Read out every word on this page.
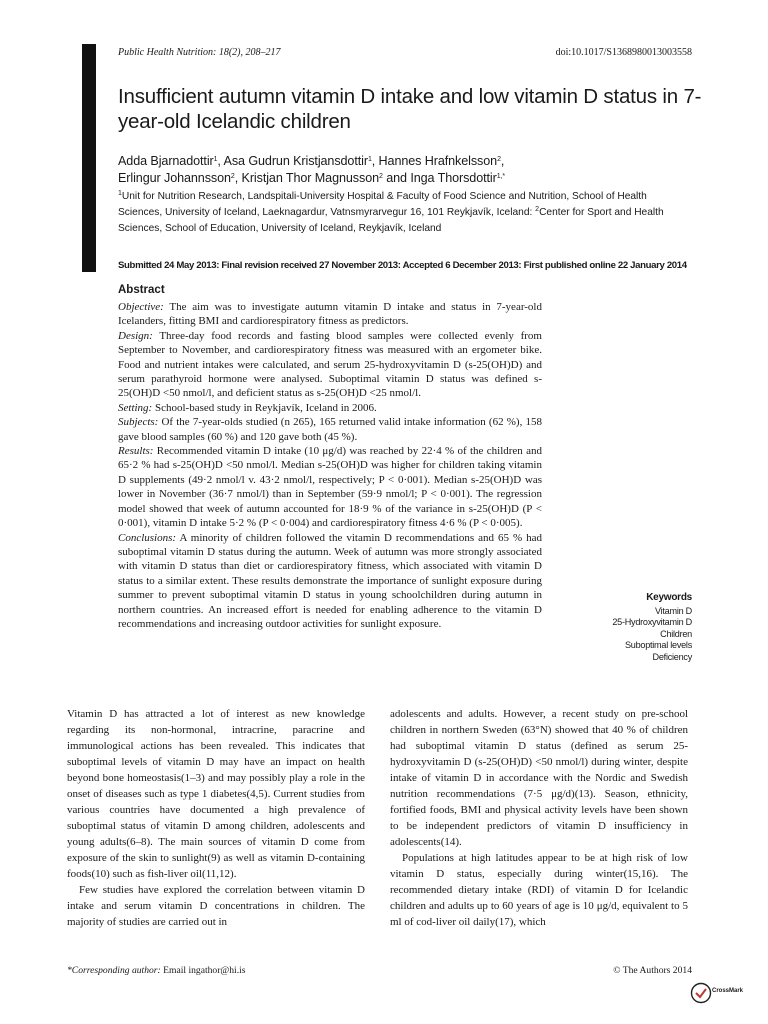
Public Health Nutrition: 18(2), 208–217	doi:10.1017/S1368980013003558
Insufficient autumn vitamin D intake and low vitamin D status in 7-year-old Icelandic children
Adda Bjarnadottir$^1$, Asa Gudrun Kristjansdottir$^1$, Hannes Hrafnkelsson$^2$,
Erlingur Johannsson$^2$, Kristjan Thor Magnusson$^2$ and Inga Thorsdottir$^{1,*}$
$^1$Unit for Nutrition Research, Landspitali-University Hospital & Faculty of Food Science and Nutrition, School of Health Sciences, University of Iceland, Laeknagardur, Vatnsmyrarvegur 16, 101 Reykjavík, Iceland: $^2$Center for Sport and Health Sciences, School of Education, University of Iceland, Reykjavík, Iceland
Submitted 24 May 2013: Final revision received 27 November 2013: Accepted 6 December 2013: First published online 22 January 2014
Abstract

Objective: The aim was to investigate autumn vitamin D intake and status in 7-year-old Icelanders, fitting BMI and cardiorespiratory fitness as predictors.

Design: Three-day food records and fasting blood samples were collected evenly from September to November, and cardiorespiratory fitness was measured with an ergometer bike. Food and nutrient intakes were calculated, and serum 25-hydroxyvitamin D (s-25(OH)D) and serum parathyroid hormone were analysed. Suboptimal vitamin D status was defined s-25(OH)D <50 nmol/l, and deficient status as s-25(OH)D <25 nmol/l.

Setting: School-based study in Reykjavík, Iceland in 2006.

Subjects: Of the 7-year-olds studied (n 265), 165 returned valid intake information (62 %), 158 gave blood samples (60 %) and 120 gave both (45 %).

Results: Recommended vitamin D intake (10 μg/d) was reached by 22·4 % of the children and 65·2 % had s-25(OH)D <50 nmol/l. Median s-25(OH)D was higher for children taking vitamin D supplements (49·2 nmol/l v. 43·2 nmol/l, respectively; P < 0·001). Median s-25(OH)D was lower in November (36·7 nmol/l) than in September (59·9 nmol/l; P < 0·001). The regression model showed that week of autumn accounted for 18·9 % of the variance in s-25(OH)D (P < 0·001), vitamin D intake 5·2 % (P < 0·004) and cardiorespiratory fitness 4·6 % (P < 0·005).

Conclusions: A minority of children followed the vitamin D recommendations and 65 % had suboptimal vitamin D status during the autumn. Week of autumn was more strongly associated with vitamin D status than diet or cardiorespiratory fitness, which associated with vitamin D status to a similar extent. These results demonstrate the importance of sunlight exposure during summer to prevent suboptimal vitamin D status in young schoolchildren during autumn in northern countries. An increased effort is needed for enabling adherence to the vitamin D recommendations and increasing outdoor activities for sunlight exposure.

Keywords
Vitamin D
25-Hydroxyvitamin D
Children
Suboptimal levels
Deficiency

Vitamin D has attracted a lot of interest as new knowledge regarding its non-hormonal, intracrine, paracrine and immunological actions has been revealed. This indicates that suboptimal levels of vitamin D may have an impact on health beyond bone homeostasis(1–3) and may possibly play a role in the onset of diseases such as type 1 diabetes(4,5). Current studies from various countries have documented a high prevalence of suboptimal status of vitamin D among children, adolescents and young adults(6–8). The main sources of vitamin D come from exposure of the skin to sunlight(9) as well as vitamin D-containing foods(10) such as fish-liver oil(11,12).

Few studies have explored the correlation between vitamin D intake and serum vitamin D concentrations in children. The majority of studies are carried out in

adolescents and adults. However, a recent study on pre-school children in northern Sweden (63°N) showed that 40 % of children had suboptimal vitamin D status (defined as serum 25-hydroxyvitamin D (s-25(OH)D) <50 nmol/l) during winter, despite intake of vitamin D in accordance with the Nordic and Swedish nutrition recommendations (7·5 μg/d)(13). Season, ethnicity, fortified foods, BMI and physical activity levels have been shown to be independent predictors of vitamin D insufficiency in adolescents(14).

Populations at high latitudes appear to be at high risk of low vitamin D status, especially during winter(15,16). The recommended dietary intake (RDI) of vitamin D for Icelandic children and adults up to 60 years of age is 10 μg/d, equivalent to 5 ml of cod-liver oil daily(17), which

*Corresponding author: Email ingathor@hi.is	© The Authors 2014
CrossMark
